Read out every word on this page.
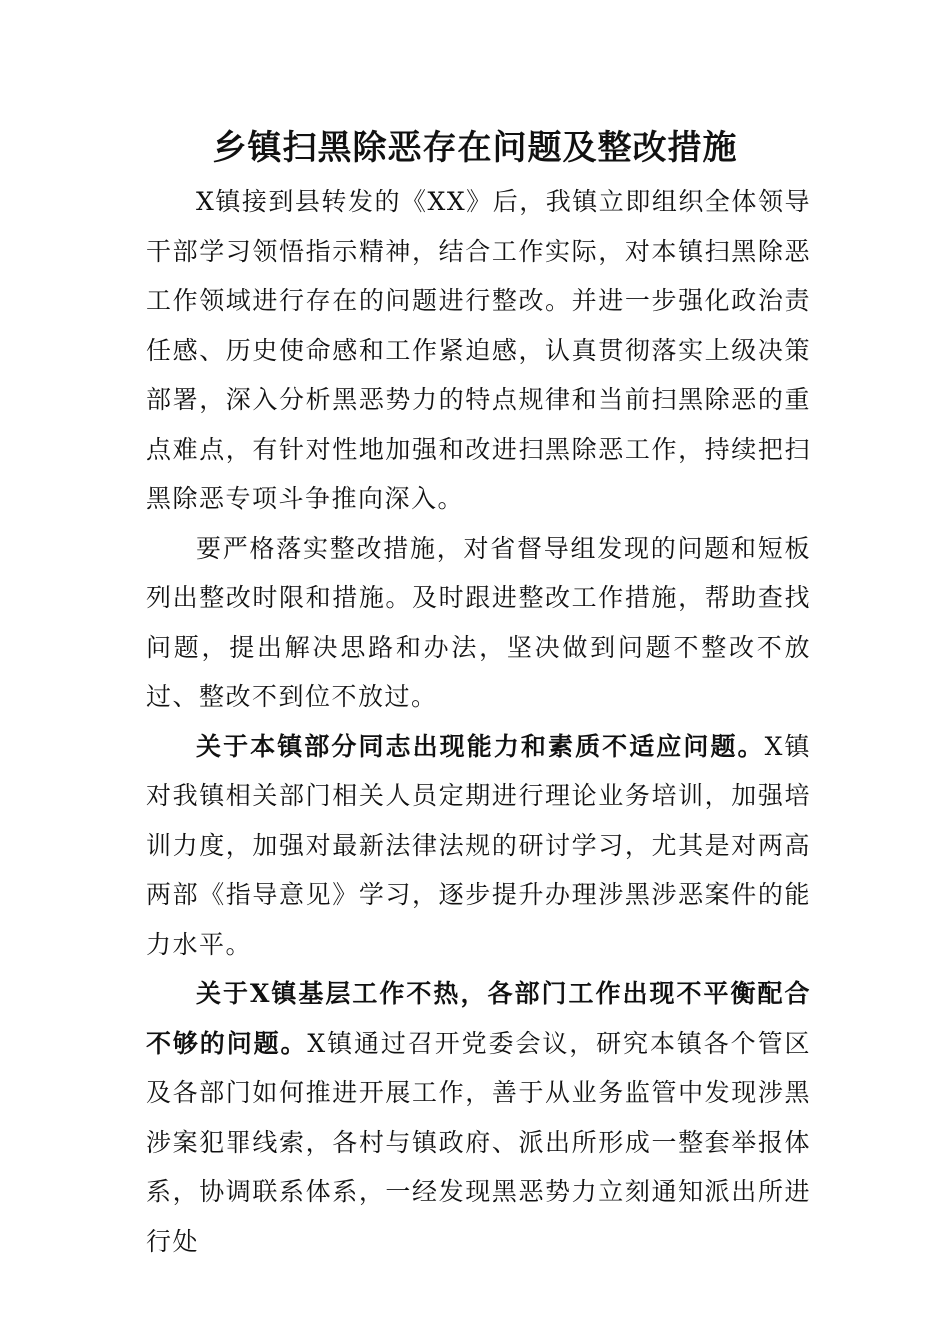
乡镇扫黑除恶存在问题及整改措施

X镇接到县转发的《XX》后，我镇立即组织全体领导干部学习领悟指示精神，结合工作实际，对本镇扫黑除恶工作领域进行存在的问题进行整改。并进一步强化政治责任感、历史使命感和工作紧迫感，认真贯彻落实上级决策部署，深入分析黑恶势力的特点规律和当前扫黑除恶的重点难点，有针对性地加强和改进扫黑除恶工作，持续把扫黑除恶专项斗争推向深入。

要严格落实整改措施，对省督导组发现的问题和短板列出整改时限和措施。及时跟进整改工作措施，帮助查找问题，提出解决思路和办法，坚决做到问题不整改不放过、整改不到位不放过。

关于本镇部分同志出现能力和素质不适应问题。X镇对我镇相关部门相关人员定期进行理论业务培训，加强培训力度，加强对最新法律法规的研讨学习，尤其是对两高两部《指导意见》学习，逐步提升办理涉黑涉恶案件的能力水平。

关于X镇基层工作不热，各部门工作出现不平衡配合不够的问题。X镇通过召开党委会议，研究本镇各个管区及各部门如何推进开展工作，善于从业务监管中发现涉黑涉案犯罪线索，各村与镇政府、派出所形成一整套举报体系，协调联系体系，一经发现黑恶势力立刻通知派出所进行处
